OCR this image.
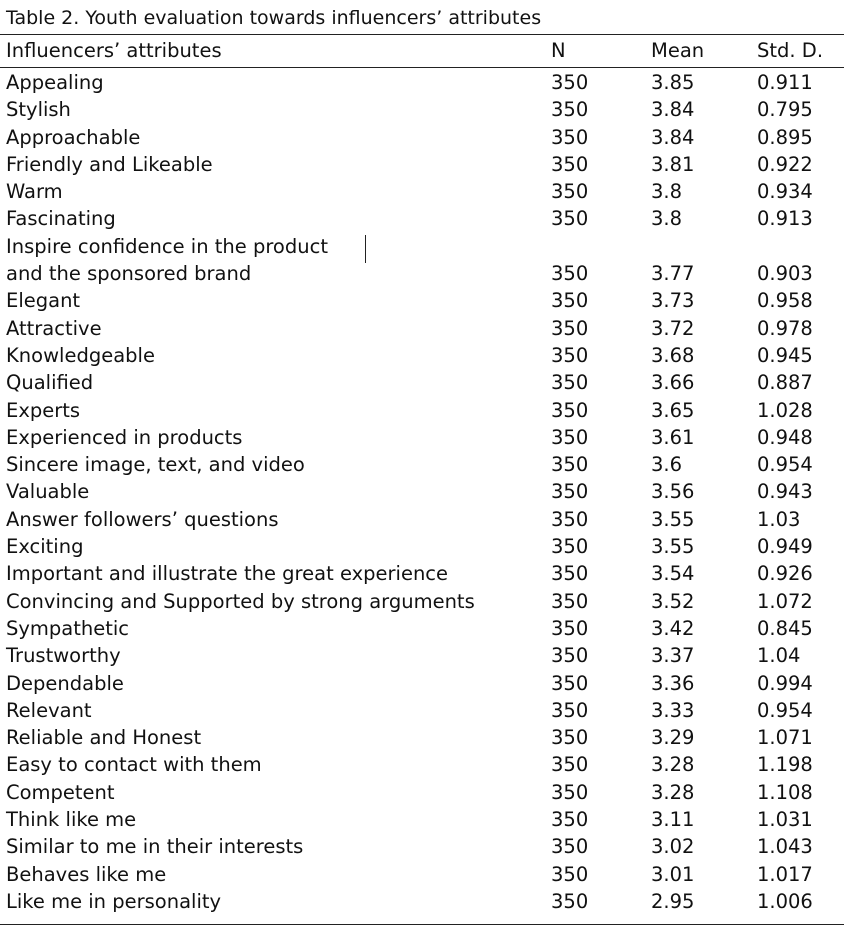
Table 2. Youth evaluation towards influencers’ attributes
Influencers’ attributes	N	Mean	Std. D.
Appealing	350	3.85	0.911
Stylish	350	3.84	0.795
Approachable	350	3.84	0.895
Friendly and Likeable	350	3.81	0.922
Warm	350	3.8	0.934
Fascinating	350	3.8	0.913
Inspire confidence in the product and the sponsored brand	350	3.77	0.903
Elegant	350	3.73	0.958
Attractive	350	3.72	0.978
Knowledgeable	350	3.68	0.945
Qualified	350	3.66	0.887
Experts	350	3.65	1.028
Experienced in products	350	3.61	0.948
Sincere image, text, and video	350	3.6	0.954
Valuable	350	3.56	0.943
Answer followers’ questions	350	3.55	1.03
Exciting	350	3.55	0.949
Important and illustrate the great experience	350	3.54	0.926
Convincing and Supported by strong arguments	350	3.52	1.072
Sympathetic	350	3.42	0.845
Trustworthy	350	3.37	1.04
Dependable	350	3.36	0.994
Relevant	350	3.33	0.954
Reliable and Honest	350	3.29	1.071
Easy to contact with them	350	3.28	1.198
Competent	350	3.28	1.108
Think like me	350	3.11	1.031
Similar to me in their interests	350	3.02	1.043
Behaves like me	350	3.01	1.017
Like me in personality	350	2.95	1.006
